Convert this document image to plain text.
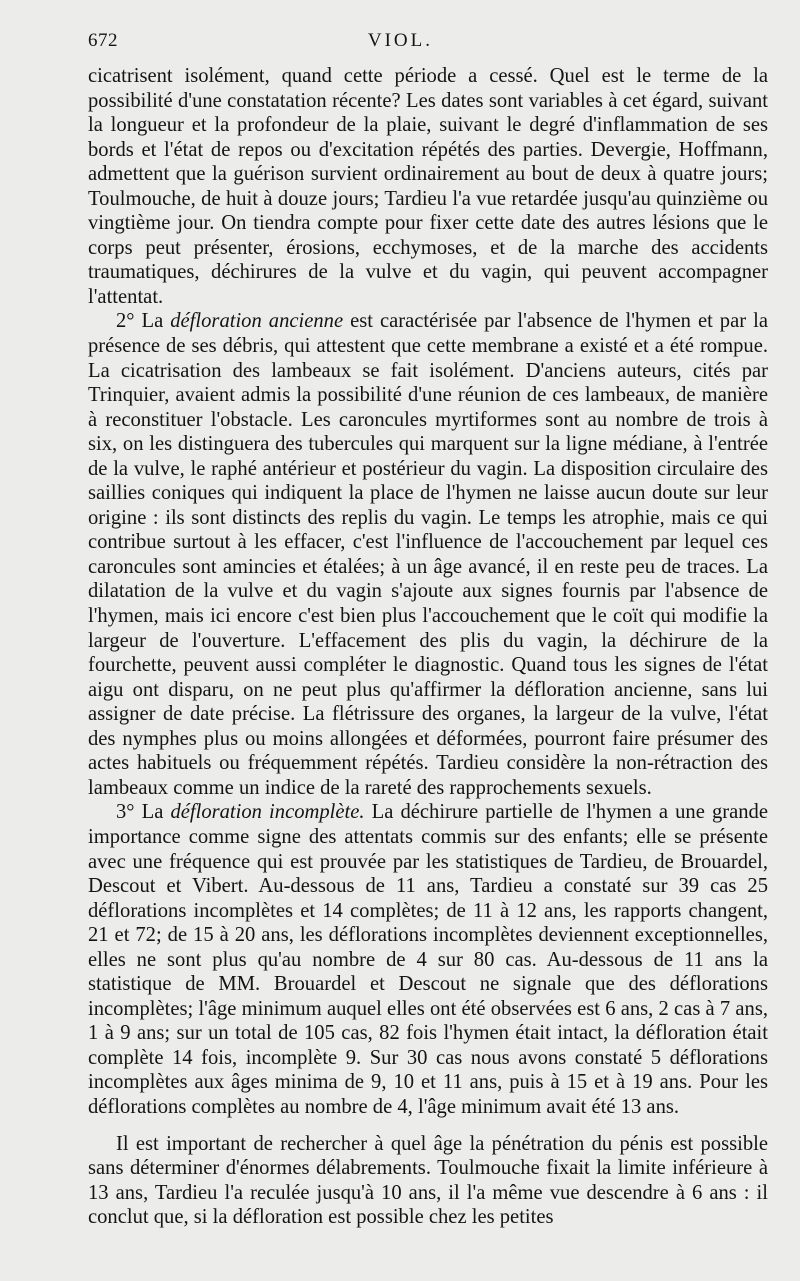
672	VIOL.

cicatrisent isolément, quand cette période a cessé. Quel est le terme de la possibilité d'une constatation récente? Les dates sont variables à cet égard, suivant la longueur et la profondeur de la plaie, suivant le degré d'inflammation de ses bords et l'état de repos ou d'excitation répétés des parties. Devergie, Hoffmann, admettent que la guérison survient ordinairement au bout de deux à quatre jours; Toulmouche, de huit à douze jours; Tardieu l'a vue retardée jusqu'au quinzième ou vingtième jour. On tiendra compte pour fixer cette date des autres lésions que le corps peut présenter, érosions, ecchymoses, et de la marche des accidents traumatiques, déchirures de la vulve et du vagin, qui peuvent accompagner l'attentat.

2° La défloration ancienne est caractérisée par l'absence de l'hymen et par la présence de ses débris, qui attestent que cette membrane a existé et a été rompue. La cicatrisation des lambeaux se fait isolément. D'anciens auteurs, cités par Trinquier, avaient admis la possibilité d'une réunion de ces lambeaux, de manière à reconstituer l'obstacle. Les caroncules myrtiformes sont au nombre de trois à six, on les distinguera des tubercules qui marquent sur la ligne médiane, à l'entrée de la vulve, le raphé antérieur et postérieur du vagin. La disposition circulaire des saillies coniques qui indiquent la place de l'hymen ne laisse aucun doute sur leur origine : ils sont distincts des replis du vagin. Le temps les atrophie, mais ce qui contribue surtout à les effacer, c'est l'influence de l'accouchement par lequel ces caroncules sont amincies et étalées; à un âge avancé, il en reste peu de traces. La dilatation de la vulve et du vagin s'ajoute aux signes fournis par l'absence de l'hymen, mais ici encore c'est bien plus l'accouchement que le coït qui modifie la largeur de l'ouverture. L'effacement des plis du vagin, la déchirure de la fourchette, peuvent aussi compléter le diagnostic. Quand tous les signes de l'état aigu ont disparu, on ne peut plus qu'affirmer la défloration ancienne, sans lui assigner de date précise. La flétrissure des organes, la largeur de la vulve, l'état des nymphes plus ou moins allongées et déformées, pourront faire présumer des actes habituels ou fréquemment répétés. Tardieu considère la non-rétraction des lambeaux comme un indice de la rareté des rapprochements sexuels.

3° La défloration incomplète. La déchirure partielle de l'hymen a une grande importance comme signe des attentats commis sur des enfants; elle se présente avec une fréquence qui est prouvée par les statistiques de Tardieu, de Brouardel, Descout et Vibert. Au-dessous de 11 ans, Tardieu a constaté sur 39 cas 25 déflorations incomplètes et 14 complètes; de 11 à 12 ans, les rapports changent, 21 et 72; de 15 à 20 ans, les déflorations incomplètes deviennent exceptionnelles, elles ne sont plus qu'au nombre de 4 sur 80 cas. Au-dessous de 11 ans la statistique de MM. Brouardel et Descout ne signale que des déflorations incomplètes; l'âge minimum auquel elles ont été observées est 6 ans, 2 cas à 7 ans, 1 à 9 ans; sur un total de 105 cas, 82 fois l'hymen était intact, la défloration était complète 14 fois, incomplète 9. Sur 30 cas nous avons constaté 5 déflorations incomplètes aux âges minima de 9, 10 et 11 ans, puis à 15 et à 19 ans. Pour les déflorations complètes au nombre de 4, l'âge minimum avait été 13 ans.

Il est important de rechercher à quel âge la pénétration du pénis est possible sans déterminer d'énormes délabrements. Toulmouche fixait la limite inférieure à 13 ans, Tardieu l'a reculée jusqu'à 10 ans, il l'a même vue descendre à 6 ans : il conclut que, si la défloration est possible chez les petites
